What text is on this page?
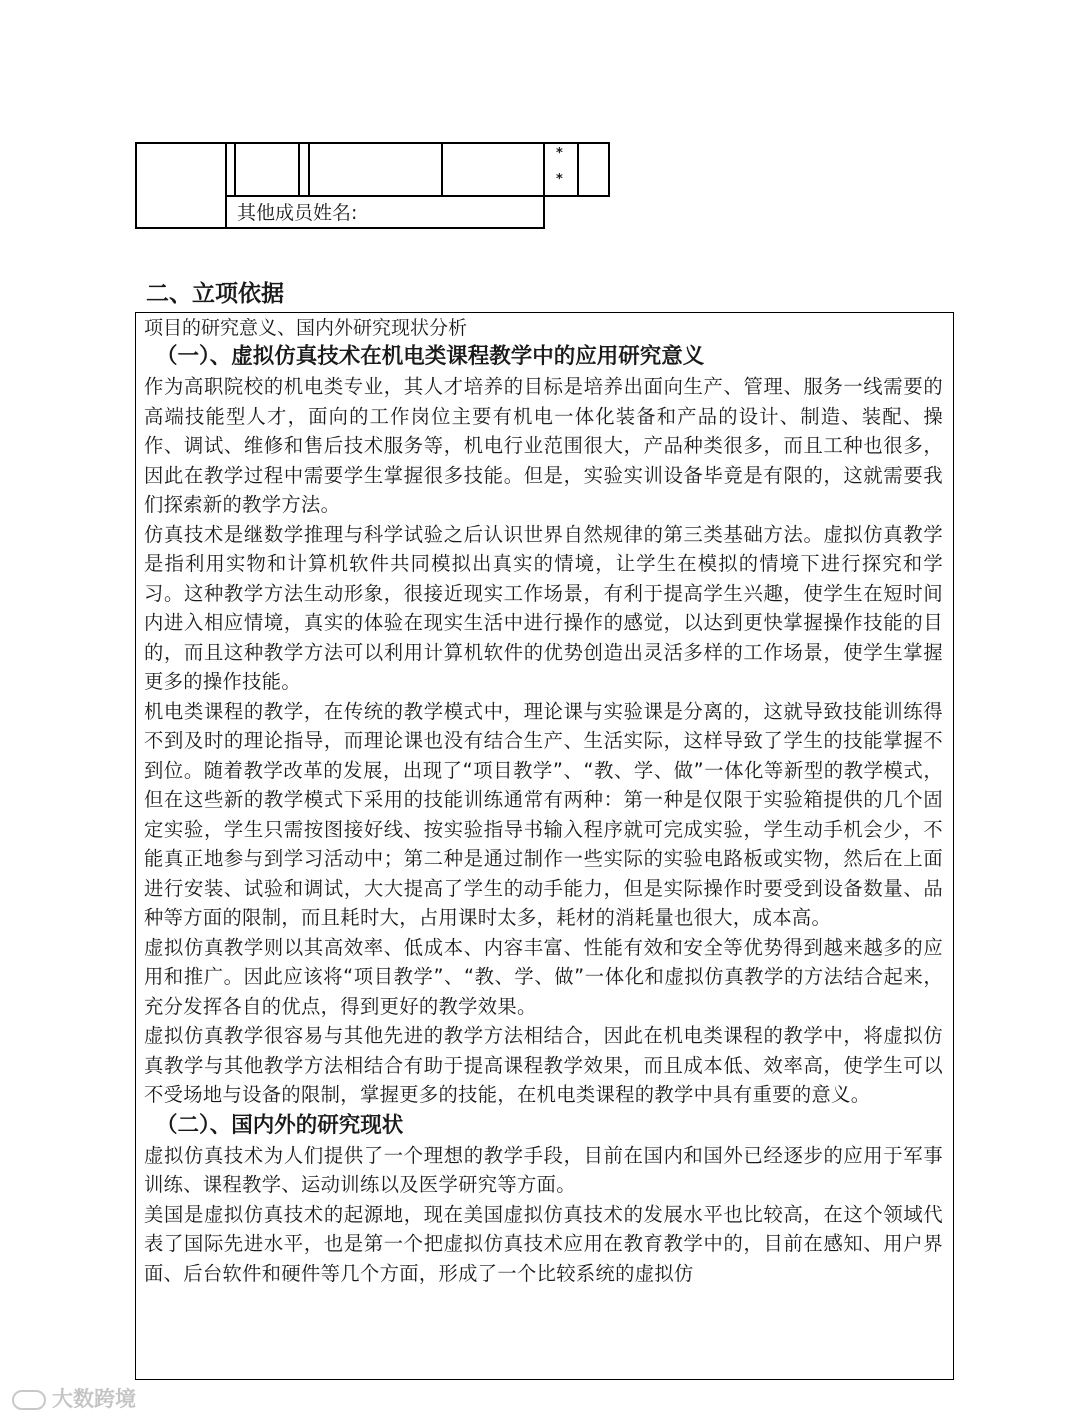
*
*
其他成员姓名:
二、立项依据

项目的研究意义、国内外研究现状分析

（一）、虚拟仿真技术在机电类课程教学中的应用研究意义

作为高职院校的机电类专业，其人才培养的目标是培养出面向生产、管理、服务一线需要的高端技能型人才，面向的工作岗位主要有机电一体化装备和产品的设计、制造、装配、操作、调试、维修和售后技术服务等，机电行业范围很大，产品种类很多，而且工种也很多，因此在教学过程中需要学生掌握很多技能。但是，实验实训设备毕竟是有限的，这就需要我们探索新的教学方法。

仿真技术是继数学推理与科学试验之后认识世界自然规律的第三类基础方法。虚拟仿真教学是指利用实物和计算机软件共同模拟出真实的情境，让学生在模拟的情境下进行探究和学习。这种教学方法生动形象，很接近现实工作场景，有利于提高学生兴趣，使学生在短时间内进入相应情境，真实的体验在现实生活中进行操作的感觉，以达到更快掌握操作技能的目的，而且这种教学方法可以利用计算机软件的优势创造出灵活多样的工作场景，使学生掌握更多的操作技能。

机电类课程的教学，在传统的教学模式中，理论课与实验课是分离的，这就导致技能训练得不到及时的理论指导，而理论课也没有结合生产、生活实际，这样导致了学生的技能掌握不到位。随着教学改革的发展，出现了“项目教学”、“教、学、做”一体化等新型的教学模式，但在这些新的教学模式下采用的技能训练通常有两种：第一种是仅限于实验箱提供的几个固定实验，学生只需按图接好线、按实验指导书输入程序就可完成实验，学生动手机会少，不能真正地参与到学习活动中；第二种是通过制作一些实际的实验电路板或实物，然后在上面进行安装、试验和调试，大大提高了学生的动手能力，但是实际操作时要受到设备数量、品种等方面的限制，而且耗时大，占用课时太多，耗材的消耗量也很大，成本高。

虚拟仿真教学则以其高效率、低成本、内容丰富、性能有效和安全等优势得到越来越多的应用和推广。因此应该将“项目教学”、“教、学、做”一体化和虚拟仿真教学的方法结合起来，充分发挥各自的优点，得到更好的教学效果。

虚拟仿真教学很容易与其他先进的教学方法相结合，因此在机电类课程的教学中，将虚拟仿真教学与其他教学方法相结合有助于提高课程教学效果，而且成本低、效率高，使学生可以不受场地与设备的限制，掌握更多的技能，在机电类课程的教学中具有重要的意义。

（二）、国内外的研究现状

虚拟仿真技术为人们提供了一个理想的教学手段，目前在国内和国外已经逐步的应用于军事训练、课程教学、运动训练以及医学研究等方面。

美国是虚拟仿真技术的起源地，现在美国虚拟仿真技术的发展水平也比较高，在这个领域代表了国际先进水平，也是第一个把虚拟仿真技术应用在教育教学中的，目前在感知、用户界面、后台软件和硬件等几个方面，形成了一个比较系统的虚拟仿

大数跨境
